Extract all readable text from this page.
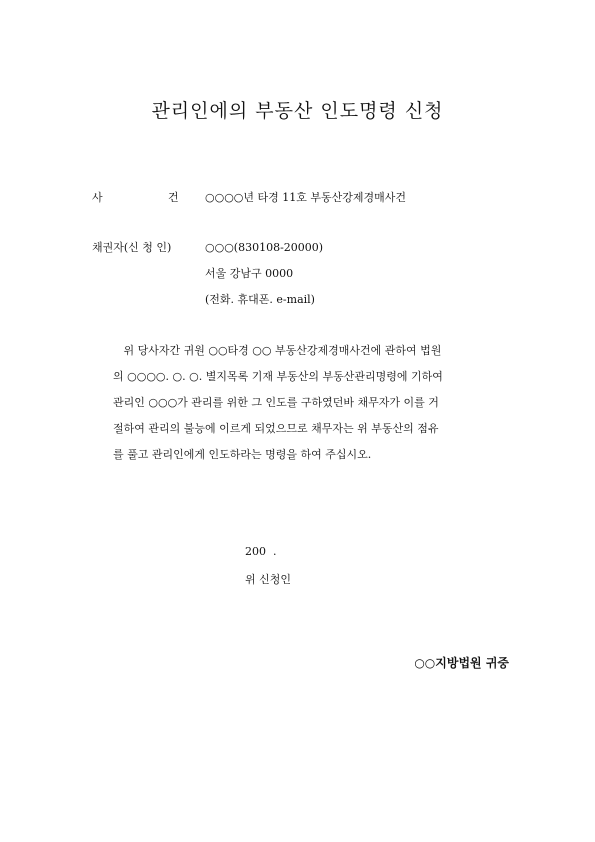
관리인에의 부동산 인도명령 신청
사	건 ○○○○년 타경 11호 부동산강제경매사건
채권자(신 청 인)	○○○(830108-20000)
서울 강남구 0000
(전화. 휴대폰. e-mail)
위 당사자간 귀원 ○○타경 ○○ 부동산강제경매사건에 관하여 법원
의 ○○○○. ○. ○. 별지목록 기재 부동산의 부동산관리명령에 기하여
관리인 ○○○가 관리를 위한 그 인도를 구하였던바 채무자가 이를 거
절하여 관리의 불능에 이르게 되었으므로 채무자는 위 부동산의 점유
를 풀고 관리인에게 인도하라는 명령을 하여 주십시오.
200  .
위 신청인
○○지방법원 귀중
